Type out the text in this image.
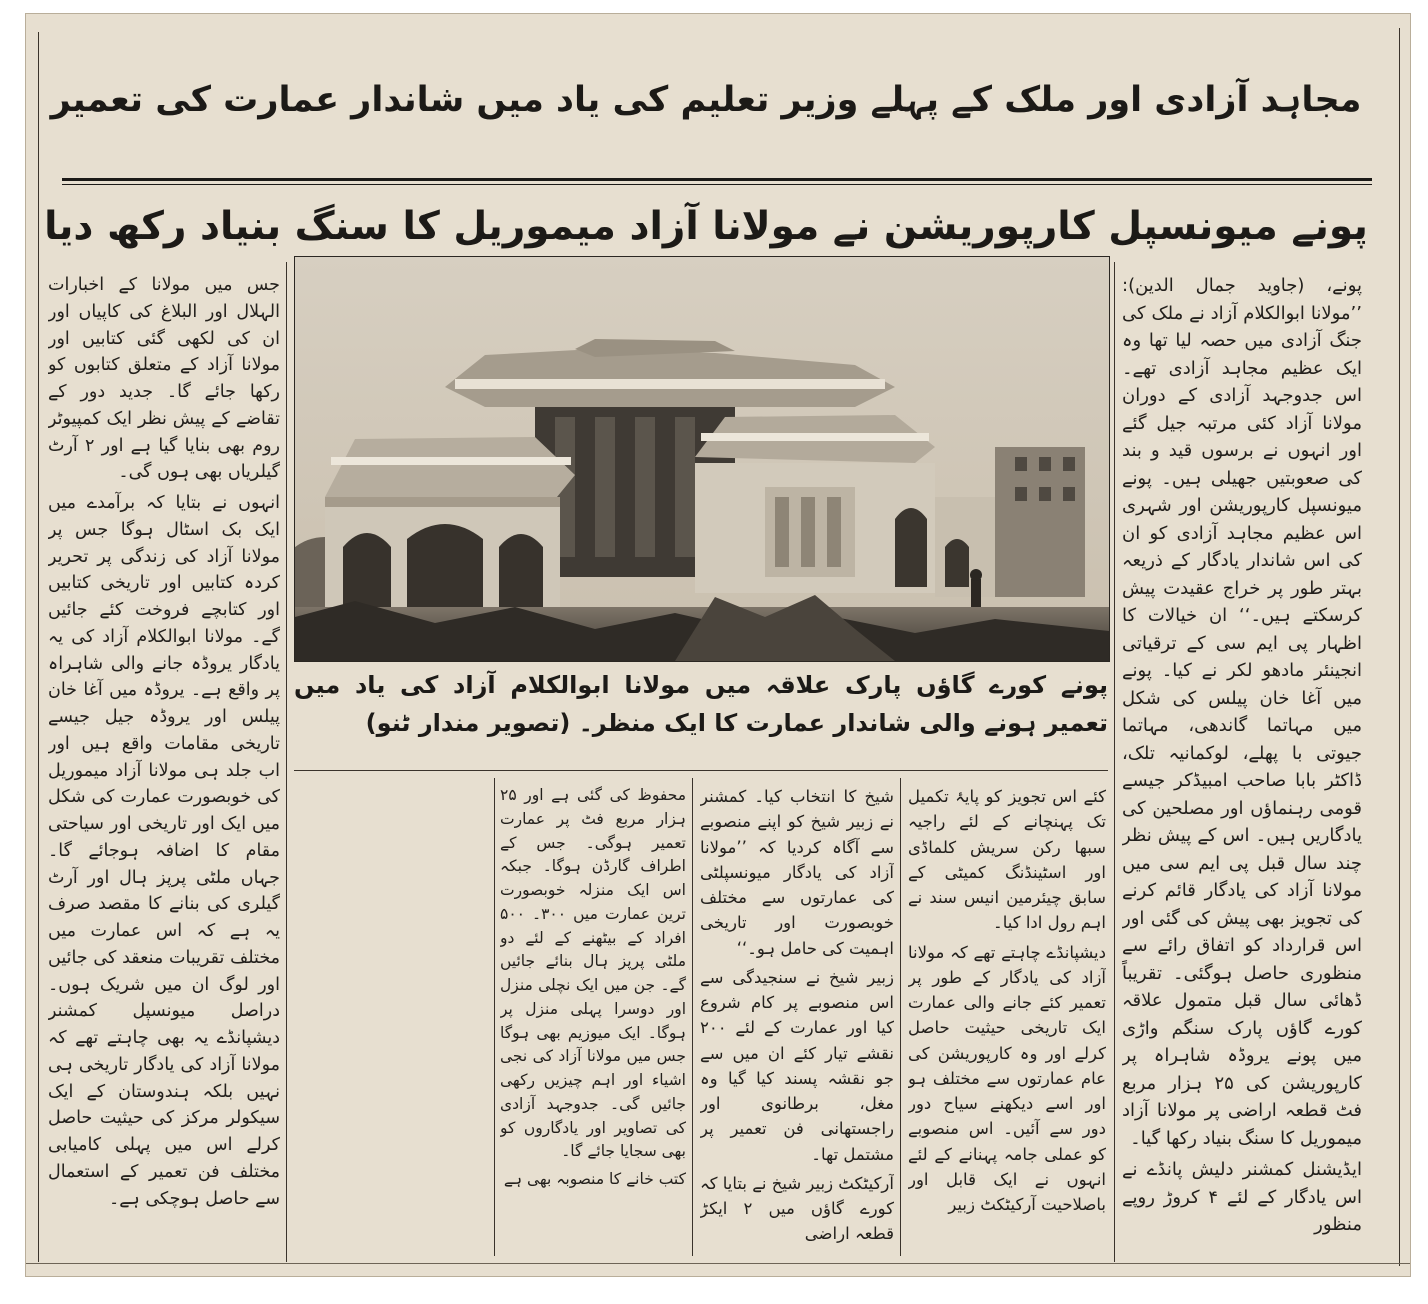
مجاہد آزادی اور ملک کے پہلے وزیر تعلیم کی یاد میں شاندار عمارت کی تعمیر
پونے میونسپل کارپوریشن نے مولانا آزاد میموریل کا سنگ بنیاد رکھ دیا

پونے، (جاوید جمال الدین): ’’مولانا ابوالکلام آزاد نے ملک کی جنگ آزادی میں حصہ لیا تھا وہ ایک عظیم مجاہد آزادی تھے۔ اس جدوجہد آزادی کے دوران مولانا آزاد کئی مرتبہ جیل گئے اور انہوں نے برسوں قید و بند کی صعوبتیں جھیلی ہیں۔ پونے میونسپل کارپوریشن اور شہری اس عظیم مجاہد آزادی کو ان کی اس شاندار یادگار کے ذریعہ بہتر طور پر خراج عقیدت پیش کرسکتے ہیں۔‘‘ ان خیالات کا اظہار پی ایم سی کے ترقیاتی انجینئر مادھو لکر نے کیا۔ پونے میں آغا خان پیلس کی شکل میں مہاتما گاندھی، مہاتما جیوتی با پھلے، لوکمانیہ تلک، ڈاکٹر بابا صاحب امبیڈکر جیسے قومی رہنماؤں اور مصلحین کی یادگاریں ہیں۔ اس کے پیش نظر چند سال قبل پی ایم سی میں مولانا آزاد کی یادگار قائم کرنے کی تجویز بھی پیش کی گئی اور اس قرارداد کو اتفاق رائے سے منظوری حاصل ہوگئی۔ تقریباً ڈھائی سال قبل متمول علاقہ کورے گاؤں پارک سنگم واڑی میں پونے یروڈہ شاہراہ پر کارپوریشن کی ۲۵ ہزار مربع فٹ قطعہ اراضی پر مولانا آزاد میموریل کا سنگ بنیاد رکھا گیا۔

ایڈیشنل کمشنر دلیش پانڈے نے اس یادگار کے لئے ۴ کروڑ روپے منظور

پونے کورے گاؤں پارک علاقہ میں مولانا ابوالکلام آزاد کی یاد میں تعمیر ہونے والی شاندار عمارت کا ایک منظر۔ (تصویر مندار ٹنو)

کئے اس تجویز کو پایۂ تکمیل تک پہنچانے کے لئے راجیہ سبھا رکن سریش کلماڈی اور اسٹینڈنگ کمیٹی کے سابق چیئرمین انیس سند نے اہم رول ادا کیا۔

دیشپانڈے چاہتے تھے کہ مولانا آزاد کی یادگار کے طور پر تعمیر کئے جانے والی عمارت ایک تاریخی حیثیت حاصل کرلے اور وہ کارپوریشن کی عام عمارتوں سے مختلف ہو اور اسے دیکھنے سیاح دور دور سے آئیں۔ اس منصوبے کو عملی جامہ پہنانے کے لئے انہوں نے ایک قابل اور باصلاحیت آرکیٹکٹ زبیر

شیخ کا انتخاب کیا۔ کمشنر نے زبیر شیخ کو اپنے منصوبے سے آگاہ کردیا کہ ’’مولانا آزاد کی یادگار میونسپلٹی کی عمارتوں سے مختلف خوبصورت اور تاریخی اہمیت کی حامل ہو۔‘‘

زبیر شیخ نے سنجیدگی سے اس منصوبے پر کام شروع کیا اور عمارت کے لئے ۲۰۰ نقشے تیار کئے ان میں سے جو نقشہ پسند کیا گیا وہ مغل، برطانوی اور راجستھانی فن تعمیر پر مشتمل تھا۔

آرکیٹکٹ زبیر شیخ نے بتایا کہ کورے گاؤں میں ۲ ایکڑ قطعہ اراضی

محفوظ کی گئی ہے اور ۲۵ ہزار مربع فٹ پر عمارت تعمیر ہوگی۔ جس کے اطراف گارڈن ہوگا۔ جبکہ اس ایک منزلہ خوبصورت ترین عمارت میں ۳۰۰۔ ۵۰۰ افراد کے بیٹھنے کے لئے دو ملٹی پرپز ہال بنائے جائیں گے۔ جن میں ایک نچلی منزل اور دوسرا پہلی منزل پر ہوگا۔ ایک میوزیم بھی ہوگا جس میں مولانا آزاد کی نجی اشیاء اور اہم چیزیں رکھی جائیں گی۔ جدوجہد آزادی کی تصاویر اور یادگاروں کو بھی سجایا جائے گا۔

کتب خانے کا منصوبہ بھی ہے

جس میں مولانا کے اخبارات الہلال اور البلاغ کی کاپیاں اور ان کی لکھی گئی کتابیں اور مولانا آزاد کے متعلق کتابوں کو رکھا جائے گا۔ جدید دور کے تقاضے کے پیش نظر ایک کمپیوٹر روم بھی بنایا گیا ہے اور ۲ آرٹ گیلریاں بھی ہوں گی۔

انہوں نے بتایا کہ برآمدے میں ایک بک اسٹال ہوگا جس پر مولانا آزاد کی زندگی پر تحریر کردہ کتابیں اور تاریخی کتابیں اور کتابچے فروخت کئے جائیں گے۔ مولانا ابوالکلام آزاد کی یہ یادگار یروڈہ جانے والی شاہراہ پر واقع ہے۔ یروڈہ میں آغا خان پیلس اور یروڈہ جیل جیسے تاریخی مقامات واقع ہیں اور اب جلد ہی مولانا آزاد میموریل کی خوبصورت عمارت کی شکل میں ایک اور تاریخی اور سیاحتی مقام کا اضافہ ہوجائے گا۔ جہاں ملٹی پرپز ہال اور آرٹ گیلری کی بنانے کا مقصد صرف یہ ہے کہ اس عمارت میں مختلف تقریبات منعقد کی جائیں اور لوگ ان میں شریک ہوں۔ دراصل میونسپل کمشنر دیشپانڈے یہ بھی چاہتے تھے کہ مولانا آزاد کی یادگار تاریخی ہی نہیں بلکہ ہندوستان کے ایک سیکولر مرکز کی حیثیت حاصل کرلے اس میں پہلی کامیابی مختلف فن تعمیر کے استعمال سے حاصل ہوچکی ہے۔
